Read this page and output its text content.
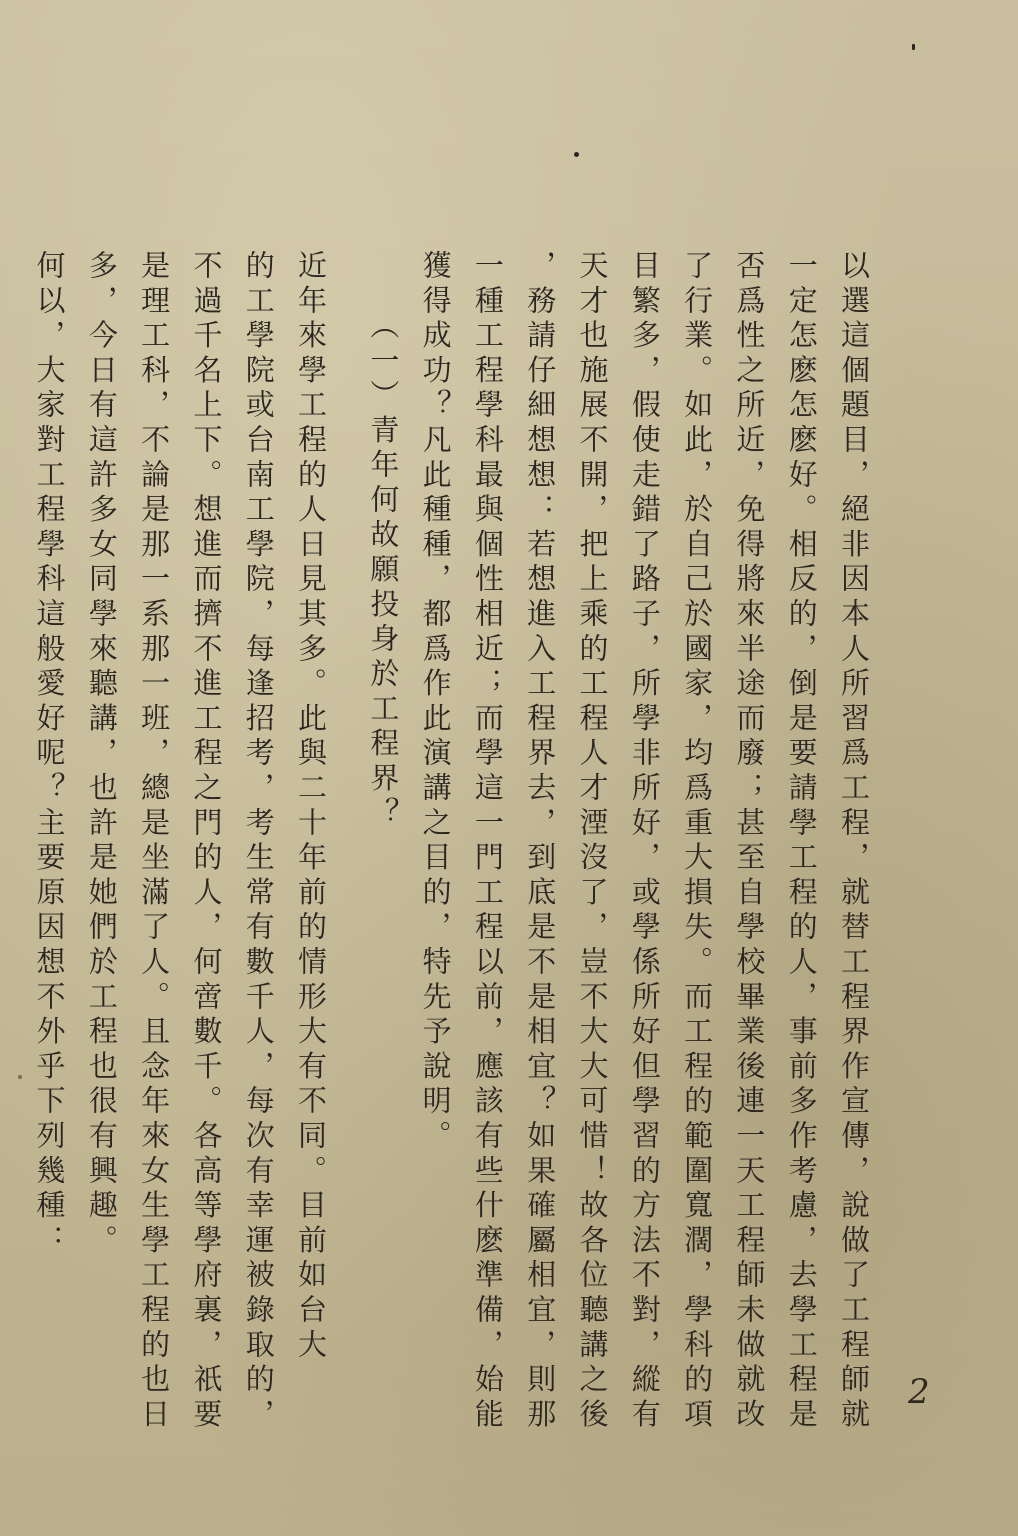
以選這個題目，絕非因本人所習爲工程，就替工程界作宣傳，說做了工程師就
一定怎麽怎麽好。相反的，倒是要請學工程的人，事前多作考慮，去學工程是
否爲性之所近，免得將來半途而廢；甚至自學校畢業後連一天工程師未做就改
了行業。如此，於自己於國家，均爲重大損失。而工程的範圍寬濶，學科的項
目繁多，假使走錯了路子，所學非所好，或學係所好但學習的方法不對，縱有
天才也施展不開，把上乘的工程人才湮沒了，豈不大大可惜！故各位聽講之後
，務請仔細想想：若想進入工程界去，到底是不是相宜？如果確屬相宜，則那
一種工程學科最與個性相近；而學這一門工程以前，應該有些什麽準備，始能
獲得成功？凡此種種，都爲作此演講之目的，特先予說明。
（一）青年何故願投身於工程界？
近年來學工程的人日見其多。此與二十年前的情形大有不同。目前如台大
的工學院或台南工學院，每逢招考，考生常有數千人，每次有幸運被錄取的，
不過千名上下。想進而擠不進工程之門的人，何啻數千。各高等學府裏，祇要
是理工科，不論是那一系那一班，總是坐滿了人。且念年來女生學工程的也日
多，今日有這許多女同學來聽講，也許是她們於工程也很有興趣。
何以，大家對工程學科這般愛好呢？主要原因想不外乎下列幾種：
2
